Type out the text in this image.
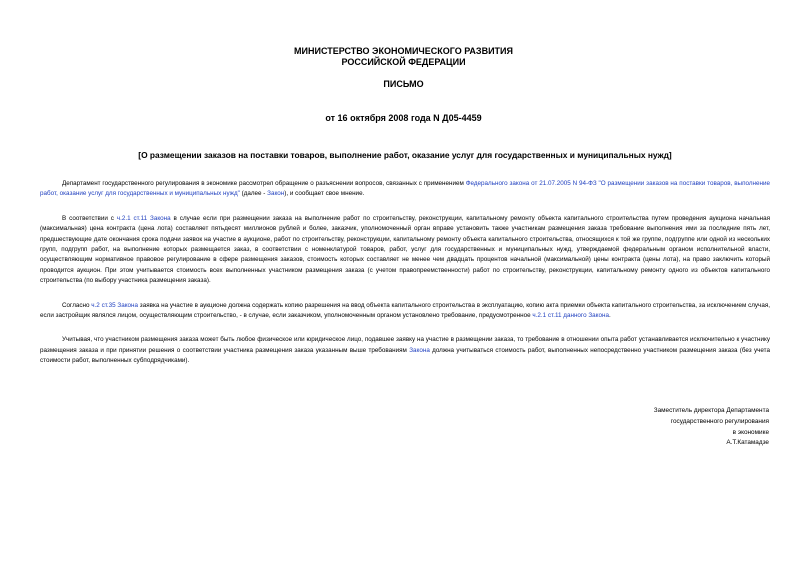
МИНИСТЕРСТВО ЭКОНОМИЧЕСКОГО РАЗВИТИЯ
РОССИЙСКОЙ ФЕДЕРАЦИИ
ПИСЬМО
от 16 октября 2008 года N Д05-4459
[О размещении заказов на поставки товаров, выполнение работ, оказание услуг для государственных и муниципальных нужд]

Департамент государственного регулирования в экономике рассмотрел обращение о разъяснении вопросов, связанных с применением Федерального закона от 21.07.2005 N 94-ФЗ "О размещении заказов на поставки товаров, выполнение работ, оказание услуг для государственных и муниципальных нужд" (далее - Закон), и сообщает свое мнение.

В соответствии с ч.2.1 ст.11 Закона в случае если при размещении заказа на выполнение работ по строительству, реконструкции, капитальному ремонту объекта капитального строительства путем проведения аукциона начальная (максимальная) цена контракта (цена лота) составляет пятьдесят миллионов рублей и более, заказчик, уполномоченный орган вправе установить также участникам размещения заказа требование выполнения ими за последние пять лет, предшествующие дате окончания срока подачи заявок на участие в аукционе, работ по строительству, реконструкции, капитальному ремонту объекта капитального строительства, относящихся к той же группе, подгруппе или одной из нескольких групп, подгрупп работ, на выполнение которых размещается заказ, в соответствии с номенклатурой товаров, работ, услуг для государственных и муниципальных нужд, утверждаемой федеральным органом исполнительной власти, осуществляющим нормативное правовое регулирование в сфере размещения заказов, стоимость которых составляет не менее чем двадцать процентов начальной (максимальной) цены контракта (цены лота), на право заключить который проводится аукцион. При этом учитывается стоимость всех выполненных участником размещения заказа (с учетом правопреемственности) работ по строительству, реконструкции, капитальному ремонту одного из объектов капитального строительства (по выбору участника размещения заказа).

Согласно ч.2 ст.35 Закона заявка на участие в аукционе должна содержать копию разрешения на ввод объекта капитального строительства в эксплуатацию, копию акта приемки объекта капитального строительства, за исключением случая, если застройщик являлся лицом, осуществляющим строительство, - в случае, если заказчиком, уполномоченным органом установлено требование, предусмотренное ч.2.1 ст.11 данного Закона.

Учитывая, что участником размещения заказа может быть любое физическое или юридическое лицо, подавшее заявку на участие в размещении заказа, то требование в отношении опыта работ устанавливается исключительно к участнику размещения заказа и при принятии решения о соответствии участника размещения заказа указанным выше требованиям Закона должна учитываться стоимость работ, выполненных непосредственно участником размещения заказа (без учета стоимости работ, выполненных субподрядчиками).

Заместитель директора Департамента
государственного регулирования
в экономике
А.Т.Катамадзе
